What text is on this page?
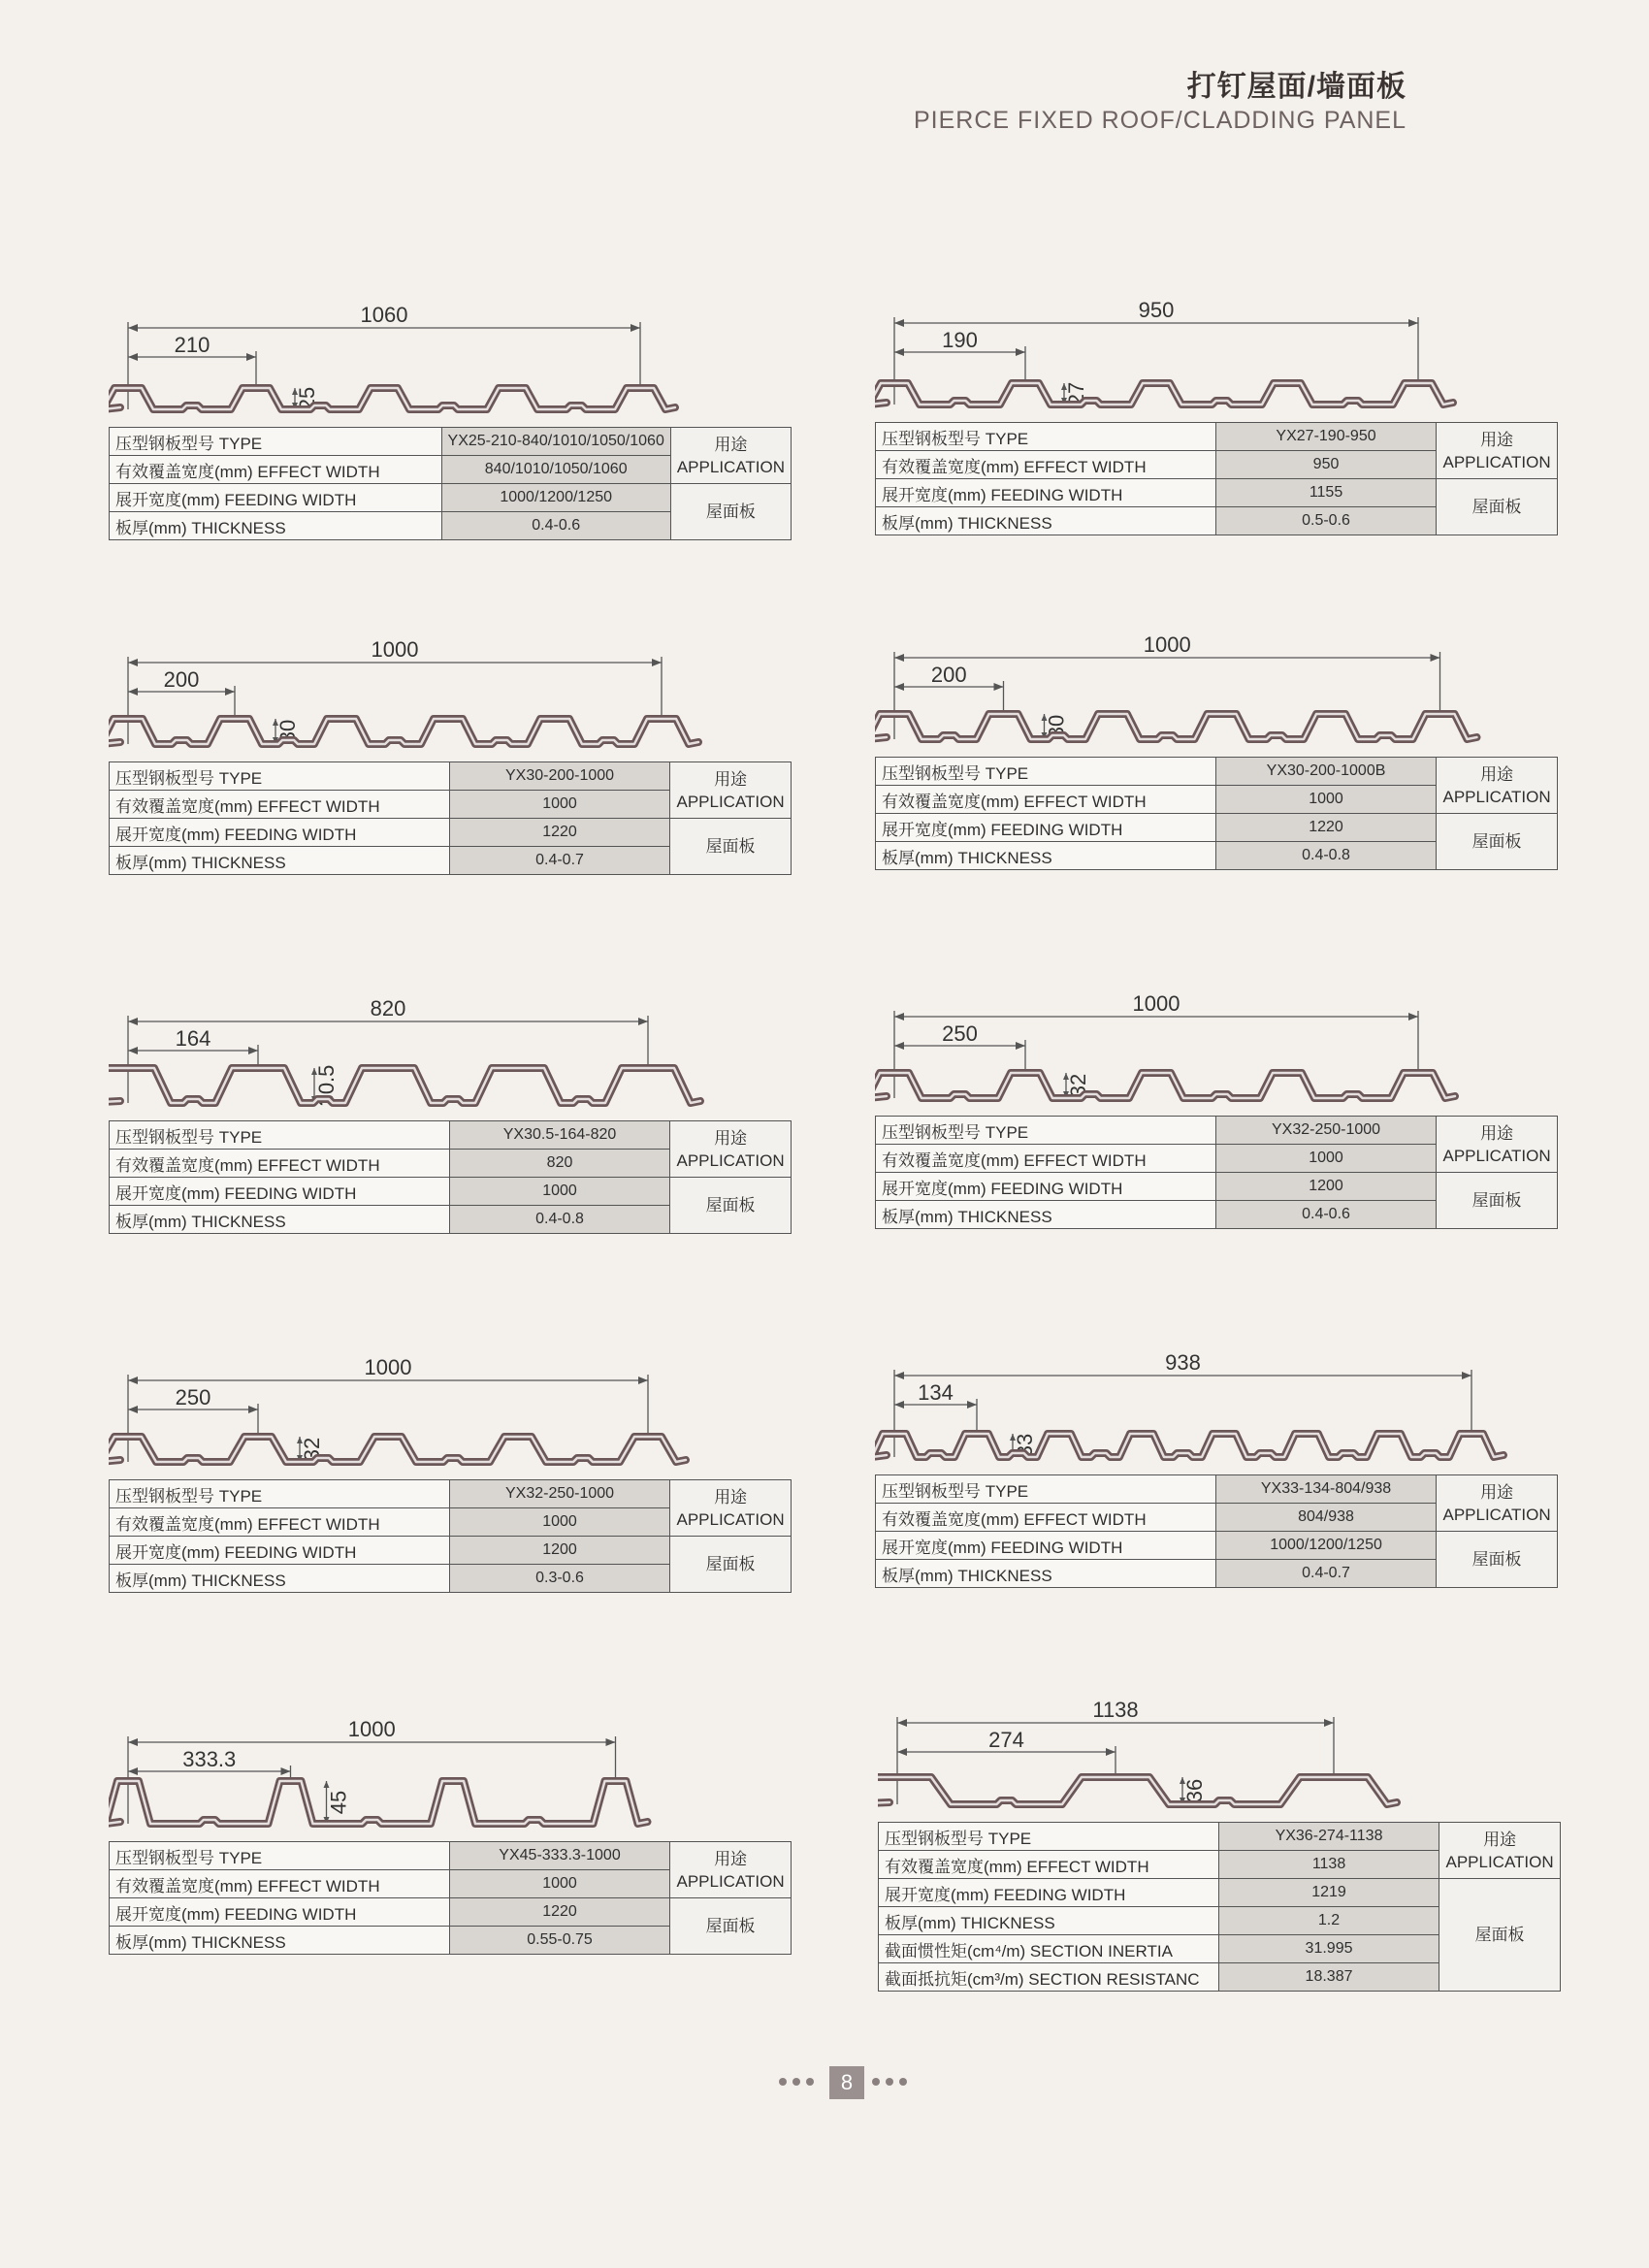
打钉屋面/墙面板
PIERCE FIXED ROOF/CLADDING PANEL
1060
210
25
压型钢板型号 TYPE	YX25-210-840/1010/1050/1060	用途
APPLICATION

有效覆盖宽度(mm) EFFECT WIDTH	840/1010/1050/1060	
展开宽度(mm) FEEDING WIDTH	1000/1200/1250	屋面板
板厚(mm) THICKNESS	0.4-0.6	
950
190
27
压型钢板型号 TYPE	YX27-190-950	用途
APPLICATION

有效覆盖宽度(mm) EFFECT WIDTH	950	
展开宽度(mm) FEEDING WIDTH	1155	屋面板
板厚(mm) THICKNESS	0.5-0.6	
1000
200
30
压型钢板型号 TYPE	YX30-200-1000	用途
APPLICATION

有效覆盖宽度(mm) EFFECT WIDTH	1000	
展开宽度(mm) FEEDING WIDTH	1220	屋面板
板厚(mm) THICKNESS	0.4-0.7	
1000
200
30
压型钢板型号 TYPE	YX30-200-1000B	用途
APPLICATION

有效覆盖宽度(mm) EFFECT WIDTH	1000	
展开宽度(mm) FEEDING WIDTH	1220	屋面板
板厚(mm) THICKNESS	0.4-0.8	
820
164
30.5
压型钢板型号 TYPE	YX30.5-164-820	用途
APPLICATION

有效覆盖宽度(mm) EFFECT WIDTH	820	
展开宽度(mm) FEEDING WIDTH	1000	屋面板
板厚(mm) THICKNESS	0.4-0.8	
1000
250
32
压型钢板型号 TYPE	YX32-250-1000	用途
APPLICATION

有效覆盖宽度(mm) EFFECT WIDTH	1000	
展开宽度(mm) FEEDING WIDTH	1200	屋面板
板厚(mm) THICKNESS	0.4-0.6	
1000
250
32
压型钢板型号 TYPE	YX32-250-1000	用途
APPLICATION

有效覆盖宽度(mm) EFFECT WIDTH	1000	
展开宽度(mm) FEEDING WIDTH	1200	屋面板
板厚(mm) THICKNESS	0.3-0.6	
938
134
33
压型钢板型号 TYPE	YX33-134-804/938	用途
APPLICATION

有效覆盖宽度(mm) EFFECT WIDTH	804/938	
展开宽度(mm) FEEDING WIDTH	1000/1200/1250	屋面板
板厚(mm) THICKNESS	0.4-0.7	
1000
333.3
45
压型钢板型号 TYPE	YX45-333.3-1000	用途
APPLICATION

有效覆盖宽度(mm) EFFECT WIDTH	1000	
展开宽度(mm) FEEDING WIDTH	1220	屋面板
板厚(mm) THICKNESS	0.55-0.75	
1138
274
36
压型钢板型号 TYPE	YX36-274-1138	用途
APPLICATION

有效覆盖宽度(mm) EFFECT WIDTH	1138	
展开宽度(mm) FEEDING WIDTH	1219	屋面板
板厚(mm) THICKNESS	1.2	
截面惯性矩(cm⁴/m) SECTION INERTIA	31.995	
截面抵抗矩(cm³/m) SECTION RESISTANC	18.387	
8
